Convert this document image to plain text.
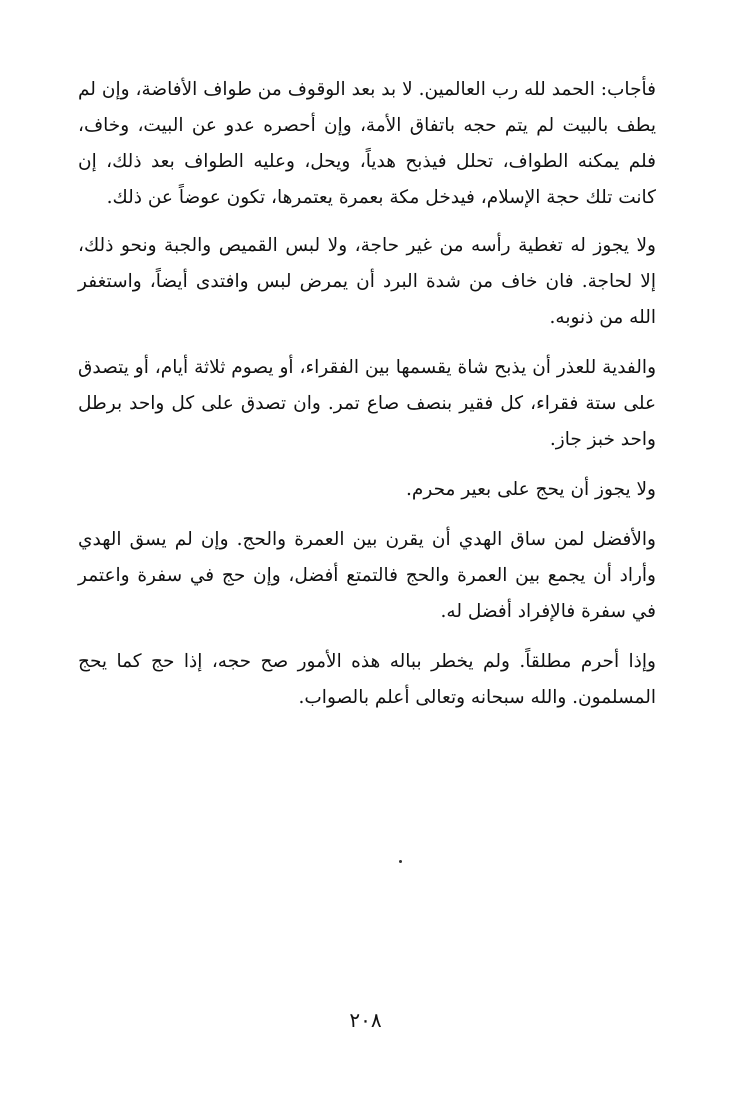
فأجاب: الحمد لله رب العالمين. لا بد بعد الوقوف من طواف الأفاضة، وإن لم يطف بالبيت لم يتم حجه باتفاق الأمة، وإن أحصره عدو عن البيت، وخاف، فلم يمكنه الطواف، تحلل فيذبح هدياً، ويحل، وعليه الطواف بعد ذلك، إن كانت تلك حجة الإسلام، فيدخل مكة بعمرة يعتمرها، تكون عوضاً عن ذلك.

ولا يجوز له تغطية رأسه من غير حاجة، ولا لبس القميص والجبة ونحو ذلك، إلا لحاجة. فان خاف من شدة البرد أن يمرض لبس وافتدى أيضاً، واستغفر الله من ذنوبه.

والفدية للعذر أن يذبح شاة يقسمها بين الفقراء، أو يصوم ثلاثة أيام، أو يتصدق على ستة فقراء، كل فقير بنصف صاع تمر. وان تصدق على كل واحد برطل واحد خبز جاز.

ولا يجوز أن يحج على بعير محرم.

والأفضل لمن ساق الهدي أن يقرن بين العمرة والحج. وإن لم يسق الهدي وأراد أن يجمع بين العمرة والحج فالتمتع أفضل، وإن حج في سفرة واعتمر في سفرة فالإفراد أفضل له.

وإذا أحرم مطلقاً. ولم يخطر بباله هذه الأمور صح حجه، إذا حج كما يحج المسلمون. والله سبحانه وتعالى أعلم بالصواب.

٢٠٨
